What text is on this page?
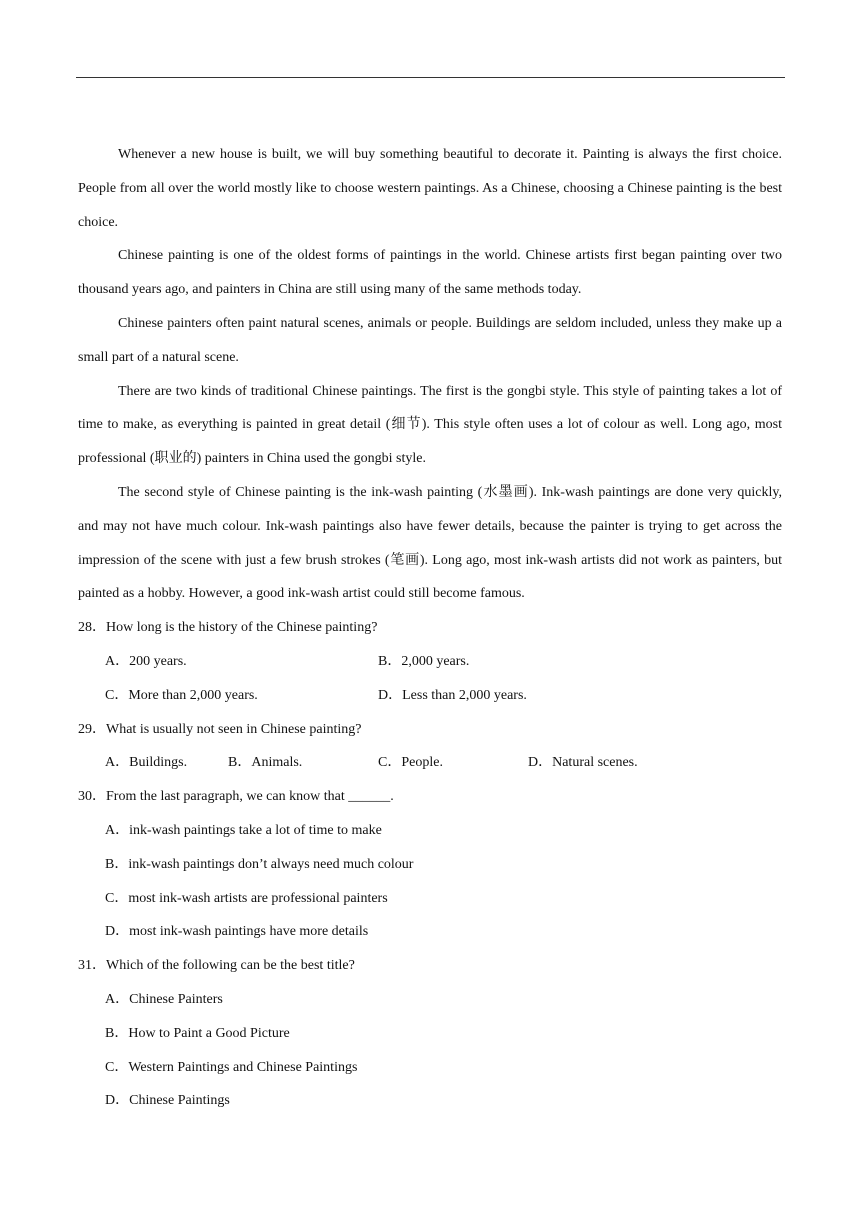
Whenever a new house is built, we will buy something beautiful to decorate it. Painting is always the first choice. People from all over the world mostly like to choose western paintings. As a Chinese, choosing a Chinese painting is the best choice.

Chinese painting is one of the oldest forms of paintings in the world. Chinese artists first began painting over two thousand years ago, and painters in China are still using many of the same methods today.

Chinese painters often paint natural scenes, animals or people. Buildings are seldom included, unless they make up a small part of a natural scene.

There are two kinds of traditional Chinese paintings. The first is the gongbi style. This style of painting takes a lot of time to make, as everything is painted in great detail (细节). This style often uses a lot of colour as well. Long ago, most professional (职业的) painters in China used the gongbi style.

The second style of Chinese painting is the ink-wash painting (水墨画). Ink-wash paintings are done very quickly, and may not have much colour. Ink-wash paintings also have fewer details, because the painter is trying to get across the impression of the scene with just a few brush strokes (笔画). Long ago, most ink-wash artists did not work as painters, but painted as a hobby. However, a good ink-wash artist could still become famous.

28．How long is the history of the Chinese painting?
A．200 years.	B．2,000 years.
C．More than 2,000 years.	D．Less than 2,000 years.
29．What is usually not seen in Chinese painting?
A．Buildings.	B．Animals.	C．People.	D．Natural scenes.
30．From the last paragraph, we can know that ______.
A．ink-wash paintings take a lot of time to make
B．ink-wash paintings don’t always need much colour
C．most ink-wash artists are professional painters
D．most ink-wash paintings have more details
31．Which of the following can be the best title?
A．Chinese Painters
B．How to Paint a Good Picture
C．Western Paintings and Chinese Paintings
D．Chinese Paintings
